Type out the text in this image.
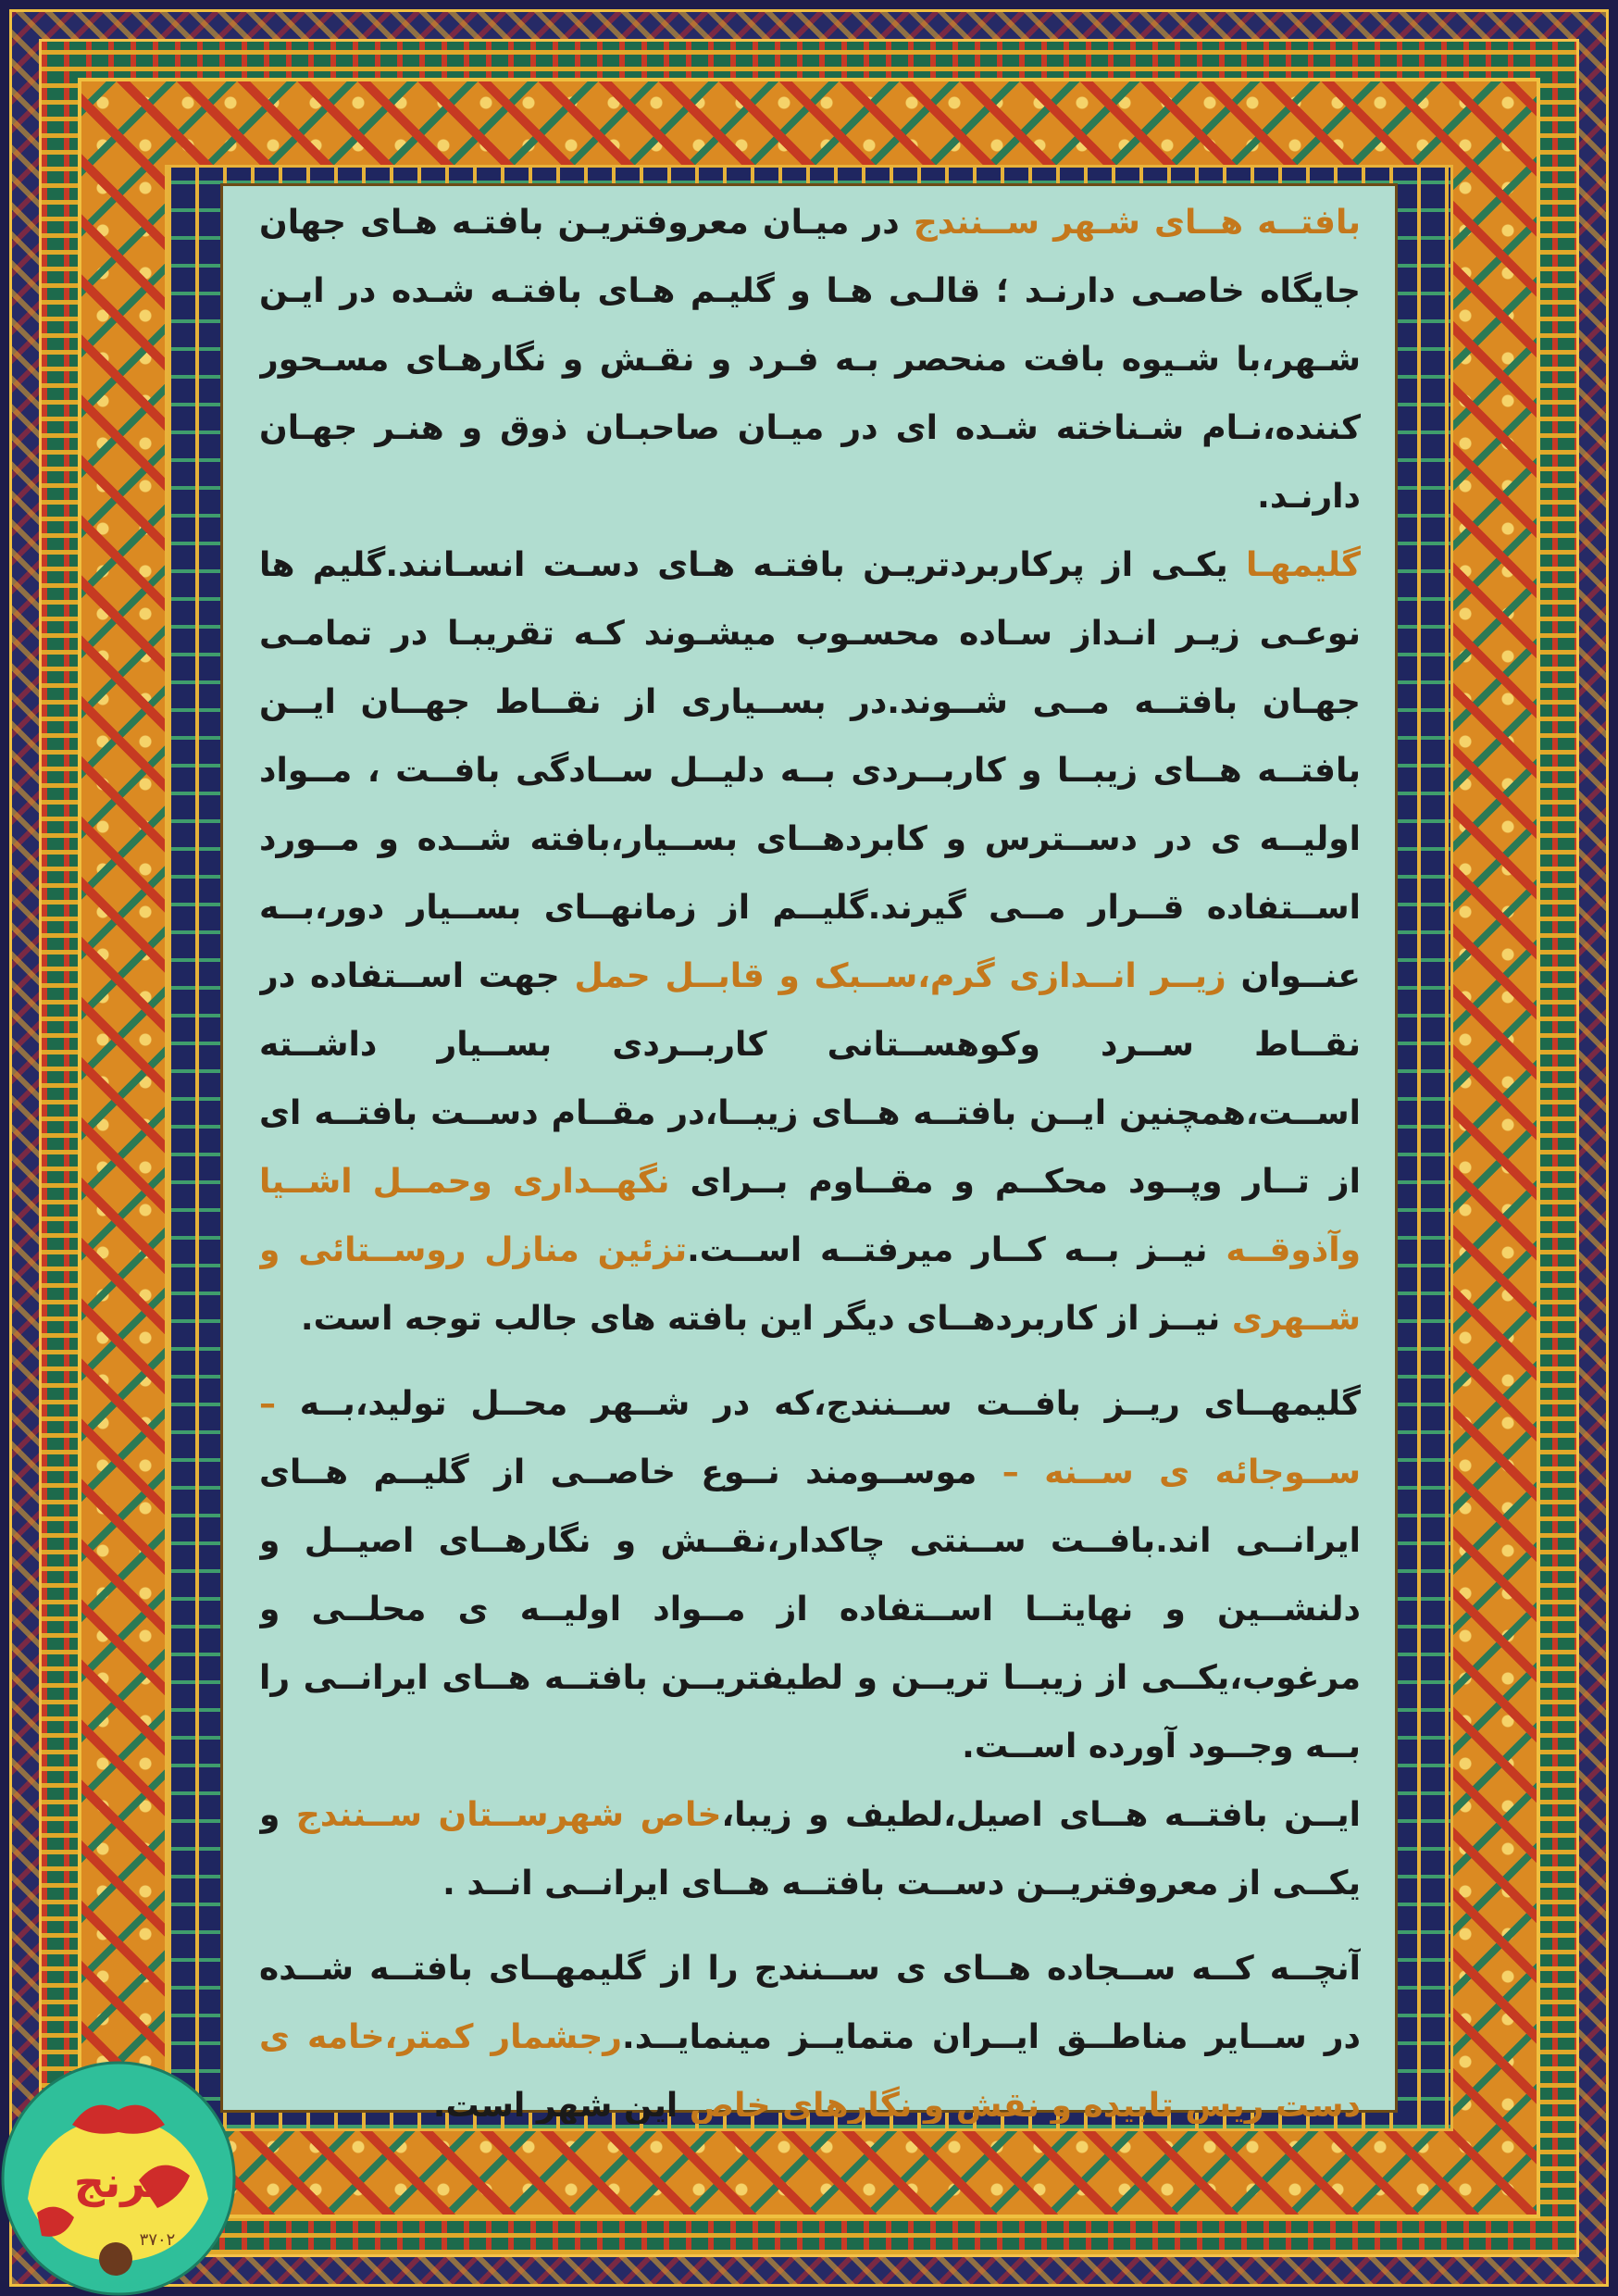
بافتــه هــای شـهر ســنندج در میـان معروفتریـن بافتـه هـای جهان جایگاه خاصـی دارنـد ؛ قالـی هـا و گلیـم هـای بافتـه شـده در ایـن شـهر،با شـیوه بافت منحصر بـه فـرد و نقـش و نگارهـای مسـحور کننده،نـام شـناخته شـده ای در میـان صاحبـان ذوق و هنـر جهـان دارنـد.

گلیمهـا یکـی از پرکاربردتریـن بافتـه هـای دسـت انسـانند.گلیم ها نوعـی زیـر انـداز سـاده محسـوب میشـوند کـه تقریبـا در تمامـی جهـان بافتــه مــی شــوند.در بســیاری از نقــاط جهــان ایــن بافتــه هــای زیبــا و کاربــردی بــه دلیــل ســادگی بافــت ، مــواد اولیــه ی در دســترس و کابردهــای بســیار،بافته شــده و مــورد اســتفاده قــرار مــی گیرند.گلیــم از زمانهــای بســیار دور،بــه عنــوان زیــر انــدازی گرم،ســبک و قابــل حمل جهت اســتفاده در نقــاط ســرد وکوهســتانی کاربــردی بســیار داشــته اســت،همچنین ایــن بافتــه هــای زیبــا،در مقــام دســت بافتــه ای از تــار وپــود محکــم و مقــاوم بــرای نگهــداری وحمــل اشــیا وآذوقــه نیــز بــه کــار میرفتــه اســت.تزئین منازل روســتائی و شــهری نیــز از کاربردهــای دیگر این بافته های جالب توجه است.

گلیمهــای ریــز بافــت ســنندج،که در شــهر محــل تولید،بــه – ســوجائه ی ســنه – موســومند نــوع خاصــی از گلیــم هــای ایرانــی اند.بافــت ســنتی چاکدار،نقــش و نگارهــای اصیــل و دلنشــین و نهایتــا اســتفاده از مــواد اولیــه ی محلــی و مرغوب،یکــی از زیبــا تریــن و لطیفتریــن بافتــه هــای ایرانــی را بــه وجــود آورده اســت.

ایــن بافتــه هــای اصیل،لطیف و زیبا،خاص شهرســتان ســنندج و یکــی از معروفتریــن دســت بافتــه هــای ایرانــی انــد .

آنچــه کــه ســجاده هــای ی ســنندج را از گلیمهــای بافتــه شــده در ســایر مناطــق ایــران متمایــز مینمایــد.رجشمار کمتر،خامه ی دست ریس تابیده و نقش و نگارهای خاص این شهر است.

ترنج
۳۷۰۲
